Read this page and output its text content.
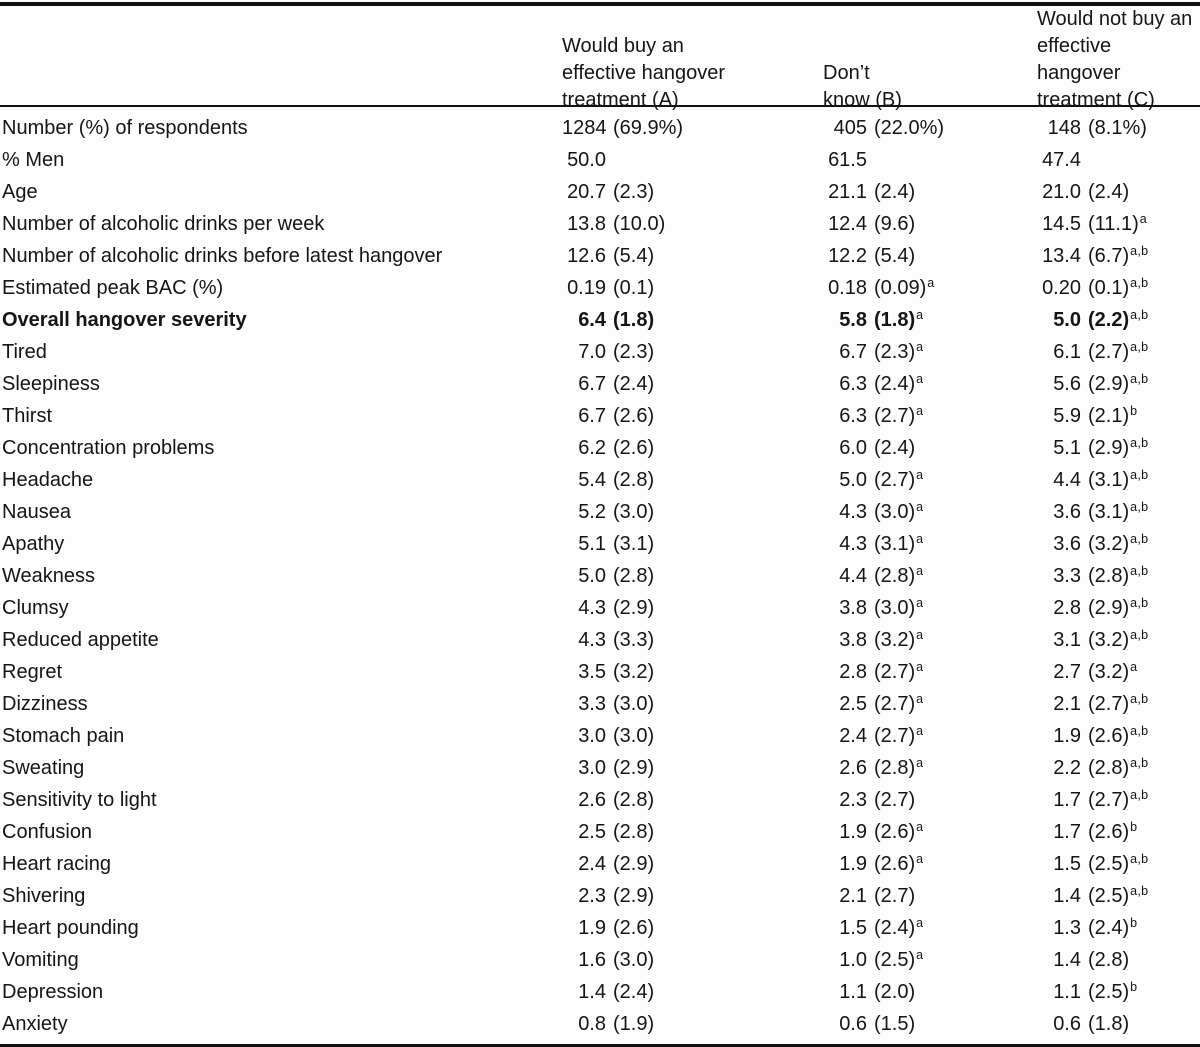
Would buy an
effective hangover
treatment (A)
Don’t
know (B)
Would not buy an
effective hangover
treatment (C)
Number (%) of respondents	1284 (69.9%)	405 (22.0%)	148 (8.1%)
% Men	50.0	61.5	47.4
Age	20.7 (2.3)	21.1 (2.4)	21.0 (2.4)
Number of alcoholic drinks per week	13.8 (10.0)	12.4 (9.6)	14.5 $(11.1)^a$
Number of alcoholic drinks before latest hangover	12.6 (5.4)	12.2 (5.4)	13.4 $(6.7)^{a,b}$
Estimated peak BAC (%)	0.19 (0.1)	0.18 $(0.09)^a$	0.20 $(0.1)^{a,b}$
Overall hangover severity	6.4 (1.8)	5.8 $(1.8)^a$	5.0 $(2.2)^{a,b}$
Tired	7.0 (2.3)	6.7 $(2.3)^a$	6.1 $(2.7)^{a,b}$
Sleepiness	6.7 (2.4)	6.3 $(2.4)^a$	5.6 $(2.9)^{a,b}$
Thirst	6.7 (2.6)	6.3 $(2.7)^a$	5.9 $(2.1)^b$
Concentration problems	6.2 (2.6)	6.0 (2.4)	5.1 $(2.9)^{a,b}$
Headache	5.4 (2.8)	5.0 $(2.7)^a$	4.4 $(3.1)^{a,b}$
Nausea	5.2 (3.0)	4.3 $(3.0)^a$	3.6 $(3.1)^{a,b}$
Apathy	5.1 (3.1)	4.3 $(3.1)^a$	3.6 $(3.2)^{a,b}$
Weakness	5.0 (2.8)	4.4 $(2.8)^a$	3.3 $(2.8)^{a,b}$
Clumsy	4.3 (2.9)	3.8 $(3.0)^a$	2.8 $(2.9)^{a,b}$
Reduced appetite	4.3 (3.3)	3.8 $(3.2)^a$	3.1 $(3.2)^{a,b}$
Regret	3.5 (3.2)	2.8 $(2.7)^a$	2.7 $(3.2)^a$
Dizziness	3.3 (3.0)	2.5 $(2.7)^a$	2.1 $(2.7)^{a,b}$
Stomach pain	3.0 (3.0)	2.4 $(2.7)^a$	1.9 $(2.6)^{a,b}$
Sweating	3.0 (2.9)	2.6 $(2.8)^a$	2.2 $(2.8)^{a,b}$
Sensitivity to light	2.6 (2.8)	2.3 (2.7)	1.7 $(2.7)^{a,b}$
Confusion	2.5 (2.8)	1.9 $(2.6)^a$	1.7 $(2.6)^b$
Heart racing	2.4 (2.9)	1.9 $(2.6)^a$	1.5 $(2.5)^{a,b}$
Shivering	2.3 (2.9)	2.1 (2.7)	1.4 $(2.5)^{a,b}$
Heart pounding	1.9 (2.6)	1.5 $(2.4)^a$	1.3 $(2.4)^b$
Vomiting	1.6 (3.0)	1.0 $(2.5)^a$	1.4 (2.8)
Depression	1.4 (2.4)	1.1 (2.0)	1.1 $(2.5)^b$
Anxiety	0.8 (1.9)	0.6 (1.5)	0.6 (1.8)
